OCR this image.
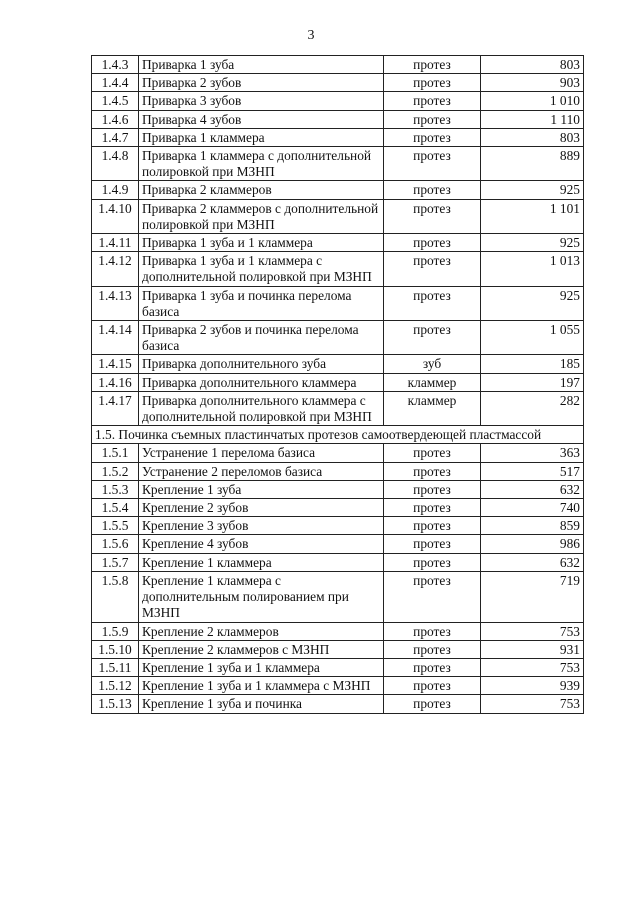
3
1.4.3	Приварка 1 зуба	протез	803
1.4.4	Приварка 2 зубов	протез	903
1.4.5	Приварка 3 зубов	протез	1 010
1.4.6	Приварка 4 зубов	протез	1 110
1.4.7	Приварка 1 кламмера	протез	803
1.4.8	Приварка 1 кламмера с дополнительной полировкой при МЗНП	протез	889
1.4.9	Приварка 2 кламмеров	протез	925
1.4.10	Приварка 2 кламмеров с дополнительной полировкой при МЗНП	протез	1 101
1.4.11	Приварка 1 зуба и 1 кламмера	протез	925
1.4.12	Приварка 1 зуба и 1 кламмера с дополнительной полировкой при МЗНП	протез	1 013
1.4.13	Приварка 1 зуба и починка перелома базиса	протез	925
1.4.14	Приварка 2 зубов и починка перелома базиса	протез	1 055
1.4.15	Приварка дополнительного зуба	зуб	185
1.4.16	Приварка дополнительного кламмера	кламмер	197
1.4.17	Приварка дополнительного кламмера с дополнительной полировкой при МЗНП	кламмер	282
1.5. Починка съемных пластинчатых протезов самоотвердеющей пластмассой			
1.5.1	Устранение 1 перелома базиса	протез	363
1.5.2	Устранение 2 переломов базиса	протез	517
1.5.3	Крепление 1 зуба	протез	632
1.5.4	Крепление 2 зубов	протез	740
1.5.5	Крепление 3 зубов	протез	859
1.5.6	Крепление 4 зубов	протез	986
1.5.7	Крепление 1 кламмера	протез	632
1.5.8	Крепление 1 кламмера с дополнительным полированием при МЗНП	протез	719
1.5.9	Крепление 2 кламмеров	протез	753
1.5.10	Крепление 2 кламмеров с МЗНП	протез	931
1.5.11	Крепление 1 зуба и 1 кламмера	протез	753
1.5.12	Крепление 1 зуба и 1 кламмера с МЗНП	протез	939
1.5.13	Крепление 1 зуба и починка	протез	753
